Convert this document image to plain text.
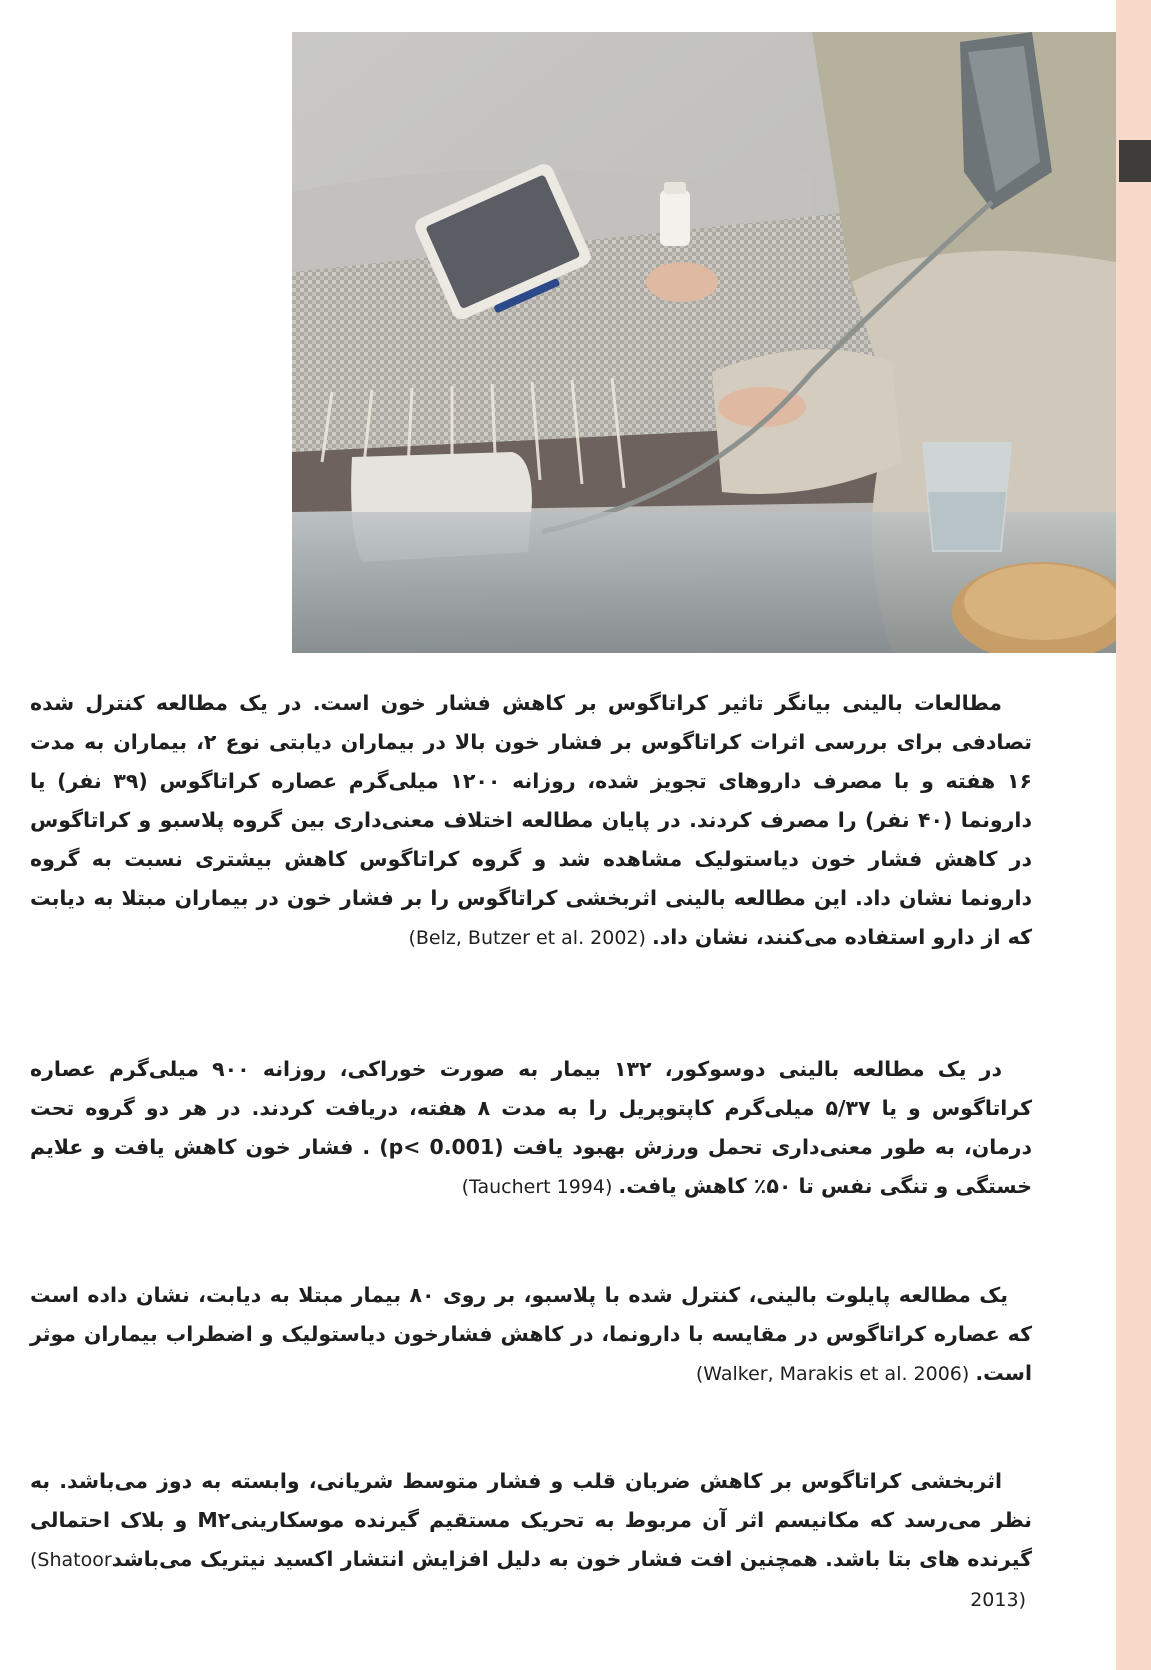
مطالعات بالینی بیانگر تاثیر کراتاگوس بر کاهش فشار خون است. در یک مطالعه کنترل شده تصادفی برای بررسی اثرات کراتاگوس بر فشار خون بالا در بیماران دیابتی نوع ۲، بیماران به مدت ۱۶ هفته و با مصرف داروهای تجویز شده، روزانه ۱۲۰۰ میلی‌گرم عصاره کراتاگوس (۳۹ نفر) یا دارونما (۴۰ نفر) را مصرف کردند. در پایان مطالعه اختلاف معنی‌داری بین گروه پلاسبو و کراتاگوس در کاهش فشار خون دیاستولیک مشاهده شد و گروه کراتاگوس کاهش بیشتری نسبت به گروه دارونما نشان داد. این مطالعه بالینی اثربخشی کراتاگوس را بر فشار خون در بیماران مبتلا به دیابت که از دارو استفاده می‌کنند، نشان داد.(Belz, Butzer et al. 2002)

در یک مطالعه بالینی دوسوکور، ۱۳۲ بیمار به صورت خوراکی، روزانه ۹۰۰ میلی‌گرم عصاره کراتاگوس و یا ۵/۳۷ میلی‌گرم کاپتوپریل را به مدت ۸ هفته، دریافت کردند. در هر دو گروه تحت درمان، به طور معنی‌داری تحمل ورزش بهبود یافت (p< 0.001) . فشار خون کاهش یافت و علایم خستگی و تنگی نفس تا ۵۰٪ کاهش یافت.(Tauchert 1994)

یک مطالعه پایلوت بالینی، کنترل شده با پلاسبو، بر روی ۸۰ بیمار مبتلا به دیابت، نشان داده است که عصاره کراتاگوس در مقایسه با دارونما، در کاهش فشارخون دیاستولیک و اضطراب بیماران موثر است.(Walker, Marakis et al. 2006)

اثربخشی کراتاگوس بر کاهش ضربان قلب و فشار متوسط شریانی، وابسته به دوز می‌باشد. به نظر می‌رسد که مکانیسم اثر آن مربوط به تحریک مستقیم گیرنده موسکارینیM۲ و بلاک احتمالی گیرنده های بتا باشد. همچنین افت فشار خون به دلیل افزایش انتشار اکسید نیتریک می‌باشد(Shatoor 2013)
